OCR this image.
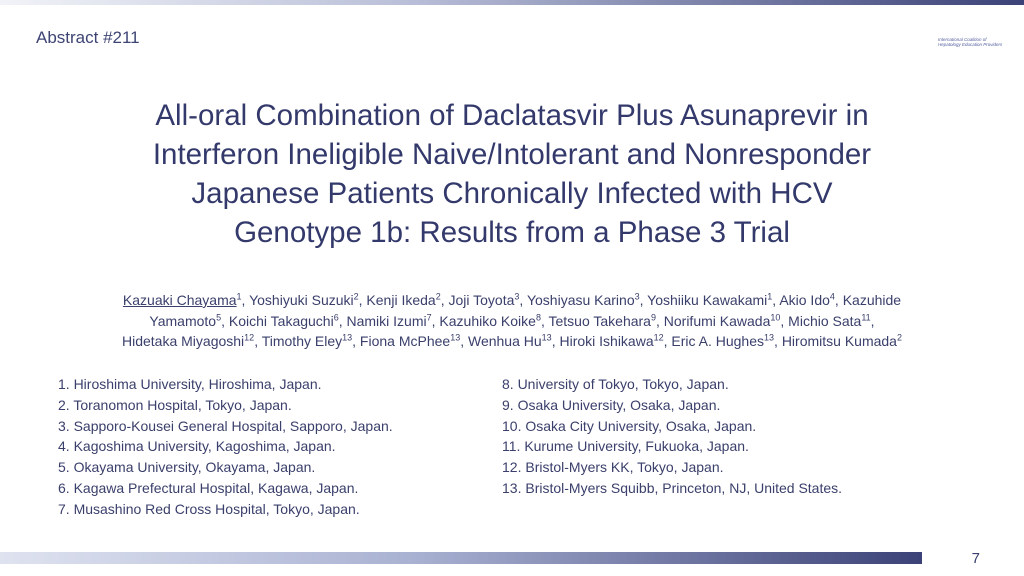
Abstract #211	International Coalition of
Hepatology Education Providers
All-oral Combination of Daclatasvir Plus Asunaprevir in
Interferon Ineligible Naive/Intolerant and Nonresponder
Japanese Patients Chronically Infected with HCV
Genotype 1b: Results from a Phase 3 Trial
Kazuaki Chayama$^1$, Yoshiyuki Suzuki$^2$, Kenji Ikeda$^2$, Joji Toyota$^3$, Yoshiyasu Karino$^3$, Yoshiiku Kawakami$^1$, Akio Ido$^4$, Kazuhide
Yamamoto$^5$, Koichi Takaguchi$^6$, Namiki Izumi$^7$, Kazuhiko Koike$^8$, Tetsuo Takehara$^9$, Norifumi Kawada$^{10}$, Michio Sata$^{11}$,
Hidetaka Miyagoshi$^{12}$, Timothy Eley$^{13}$, Fiona McPhee$^{13}$, Wenhua Hu$^{13}$, Hiroki Ishikawa$^{12}$, Eric A. Hughes$^{13}$, Hiromitsu Kumada$^2$
1. Hiroshima University, Hiroshima, Japan.
2. Toranomon Hospital, Tokyo, Japan.
3. Sapporo-Kousei General Hospital, Sapporo, Japan.
4. Kagoshima University, Kagoshima, Japan.
5. Okayama University, Okayama, Japan.
6. Kagawa Prefectural Hospital, Kagawa, Japan.
7. Musashino Red Cross Hospital, Tokyo, Japan.
8. University of Tokyo, Tokyo, Japan.
9. Osaka University, Osaka, Japan.
10. Osaka City University, Osaka, Japan.
11. Kurume University, Fukuoka, Japan.
12. Bristol-Myers KK, Tokyo, Japan.
13. Bristol-Myers Squibb, Princeton, NJ, United States.
7
